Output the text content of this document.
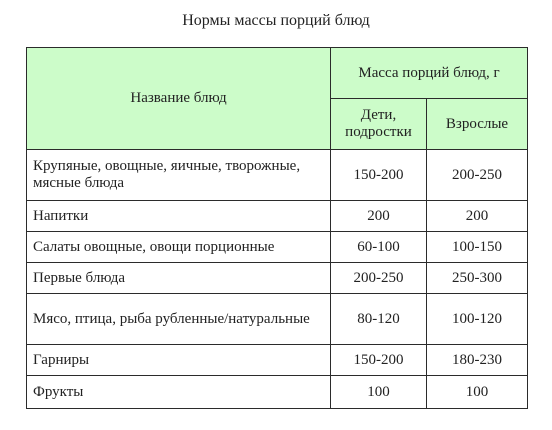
Нормы массы порций блюд
Название блюд	Масса порций блюд, г	
	Дети, подростки	Взрослые
Крупяные, овощные, яичные, творожные, мясные блюда	150-200	200-250
Напитки	200	200
Салаты овощные, овощи порционные	60-100	100-150
Первые блюда	200-250	250-300
Мясо, птица, рыба рубленные/натуральные	80-120	100-120
Гарниры	150-200	180-230
Фрукты	100	100
